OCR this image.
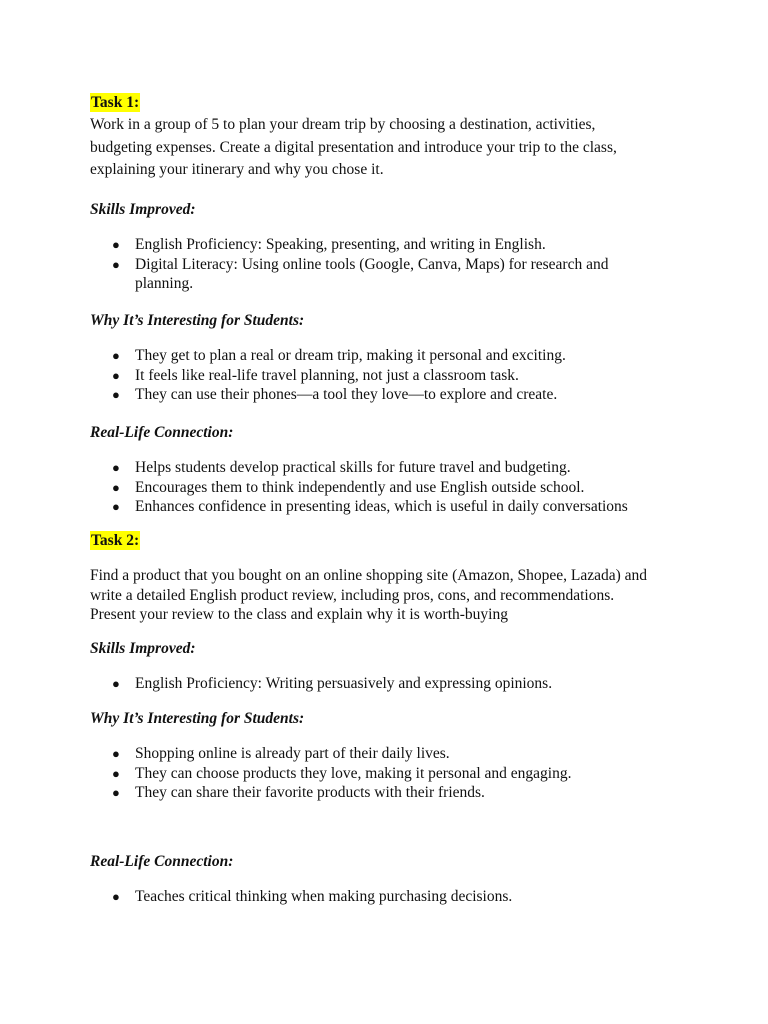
Task 1:
Work in a group of 5 to plan your dream trip by choosing a destination, activities,
budgeting expenses. Create a digital presentation and introduce your trip to the class,
explaining your itinerary and why you chose it.
Skills Improved:
● English Proficiency: Speaking, presenting, and writing in English.
● Digital Literacy: Using online tools (Google, Canva, Maps) for research and
planning.
Why It’s Interesting for Students:
● They get to plan a real or dream trip, making it personal and exciting.
● It feels like real-life travel planning, not just a classroom task.
● They can use their phones—a tool they love—to explore and create.
Real-Life Connection:
● Helps students develop practical skills for future travel and budgeting.
● Encourages them to think independently and use English outside school.
● Enhances confidence in presenting ideas, which is useful in daily conversations
Task 2:
Find a product that you bought on an online shopping site (Amazon, Shopee, Lazada) and
write a detailed English product review, including pros, cons, and recommendations.
Present your review to the class and explain why it is worth-buying
Skills Improved:
● English Proficiency: Writing persuasively and expressing opinions.
Why It’s Interesting for Students:
● Shopping online is already part of their daily lives.
● They can choose products they love, making it personal and engaging.
● They can share their favorite products with their friends.
Real-Life Connection:
● Teaches critical thinking when making purchasing decisions.
